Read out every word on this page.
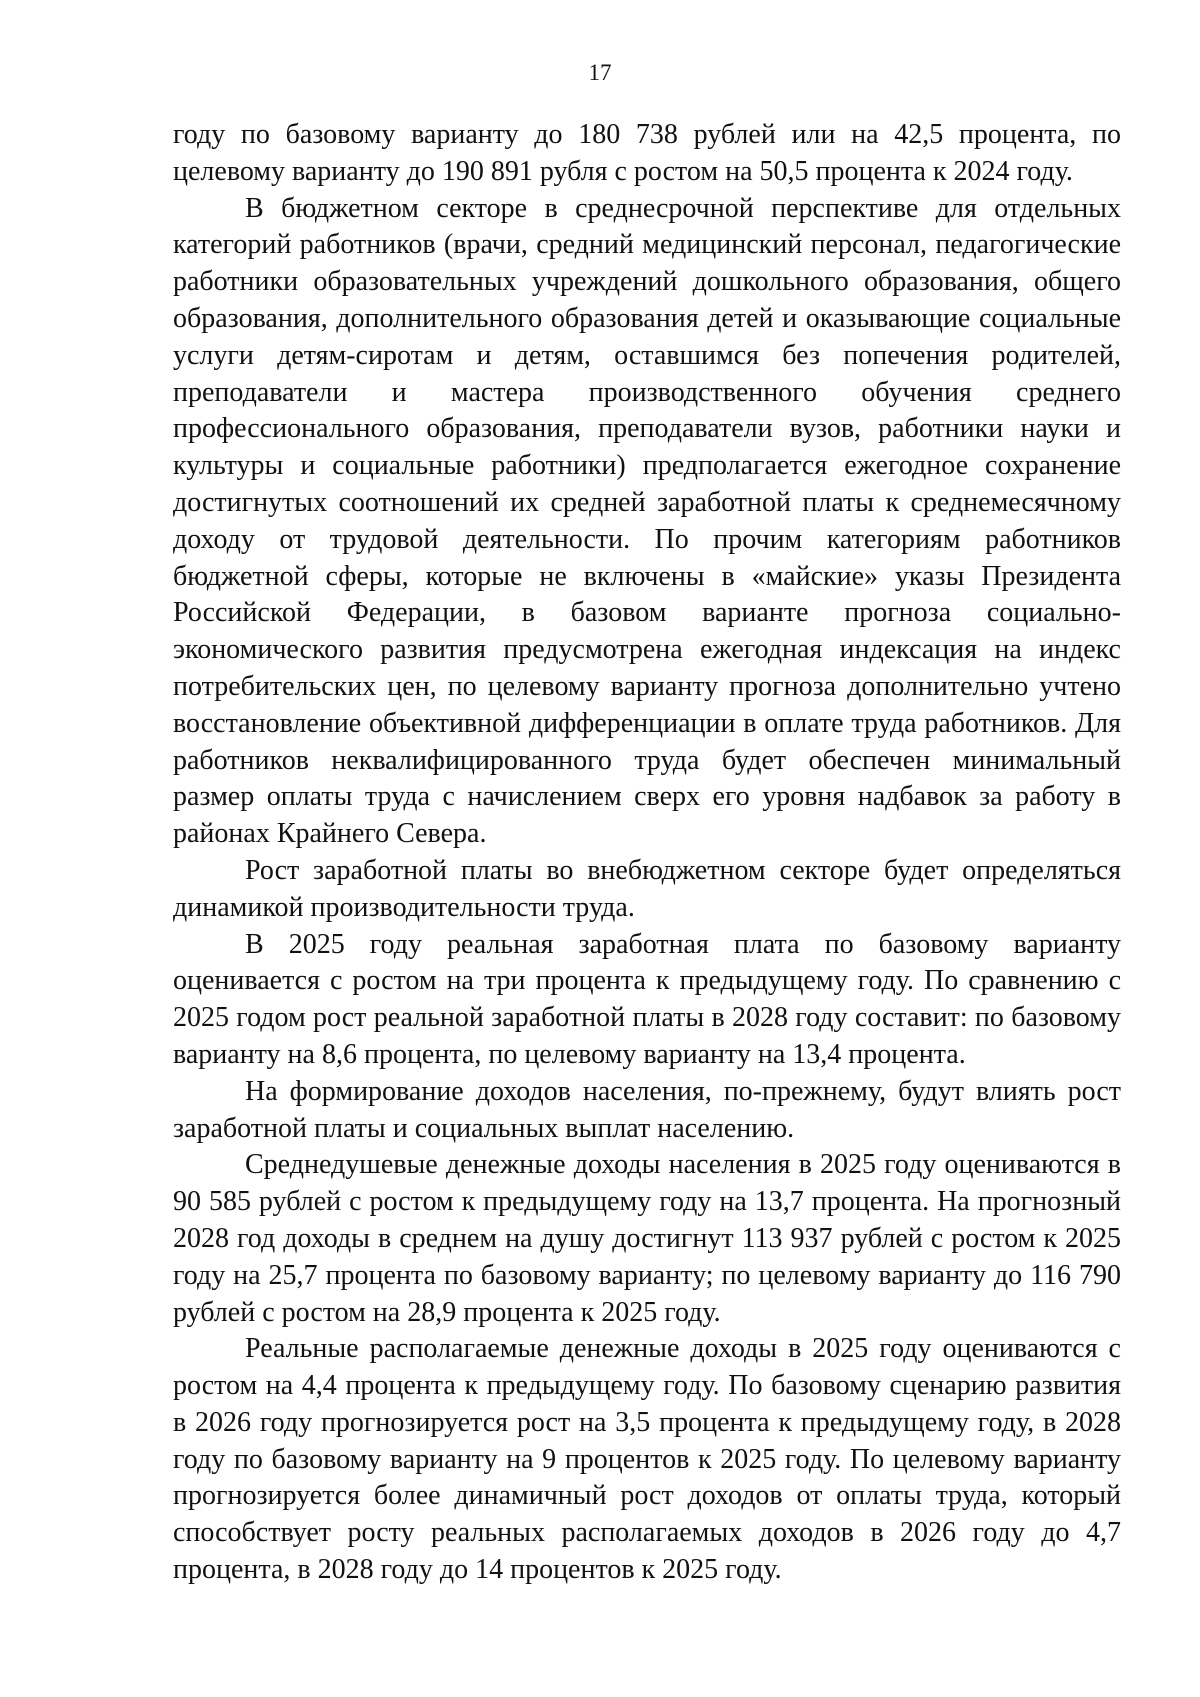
17

году по базовому варианту до 180 738 рублей или на 42,5 процента, по целевому варианту до 190 891 рубля с ростом на 50,5 процента к 2024 году.

В бюджетном секторе в среднесрочной перспективе для отдельных категорий работников (врачи, средний медицинский персонал, педагогические работники образовательных учреждений дошкольного образования, общего образования, дополнительного образования детей и оказывающие социальные услуги детям-сиротам и детям, оставшимся без попечения родителей, преподаватели и мастера производственного обучения среднего профессионального образования, преподаватели вузов, работники науки и культуры и социальные работники) предполагается ежегодное сохранение достигнутых соотношений их средней заработной платы к среднемесячному доходу от трудовой деятельности. По прочим категориям работников бюджетной сферы, которые не включены в «майские» указы Президента Российской Федерации, в базовом варианте прогноза социально-экономического развития предусмотрена ежегодная индексация на индекс потребительских цен, по целевому варианту прогноза дополнительно учтено восстановление объективной дифференциации в оплате труда работников. Для работников неквалифицированного труда будет обеспечен минимальный размер оплаты труда с начислением сверх его уровня надбавок за работу в районах Крайнего Севера.

Рост заработной платы во внебюджетном секторе будет определяться динамикой производительности труда.

В 2025 году реальная заработная плата по базовому варианту оценивается с ростом на три процента к предыдущему году. По сравнению с 2025 годом рост реальной заработной платы в 2028 году составит: по базовому варианту на 8,6 процента, по целевому варианту на 13,4 процента.

На формирование доходов населения, по-прежнему, будут влиять рост заработной платы и социальных выплат населению.

Среднедушевые денежные доходы населения в 2025 году оцениваются в 90 585 рублей с ростом к предыдущему году на 13,7 процента. На прогнозный 2028 год доходы в среднем на душу достигнут 113 937 рублей с ростом к 2025 году на 25,7 процента по базовому варианту; по целевому варианту до 116 790 рублей с ростом на 28,9 процента к 2025 году.

Реальные располагаемые денежные доходы в 2025 году оцениваются с ростом на 4,4 процента к предыдущему году. По базовому сценарию развития в 2026 году прогнозируется рост на 3,5 процента к предыдущему году, в 2028 году по базовому варианту на 9 процентов к 2025 году. По целевому варианту прогнозируется более динамичный рост доходов от оплаты труда, который способствует росту реальных располагаемых доходов в 2026 году до 4,7 процента, в 2028 году до 14 процентов к 2025 году.
